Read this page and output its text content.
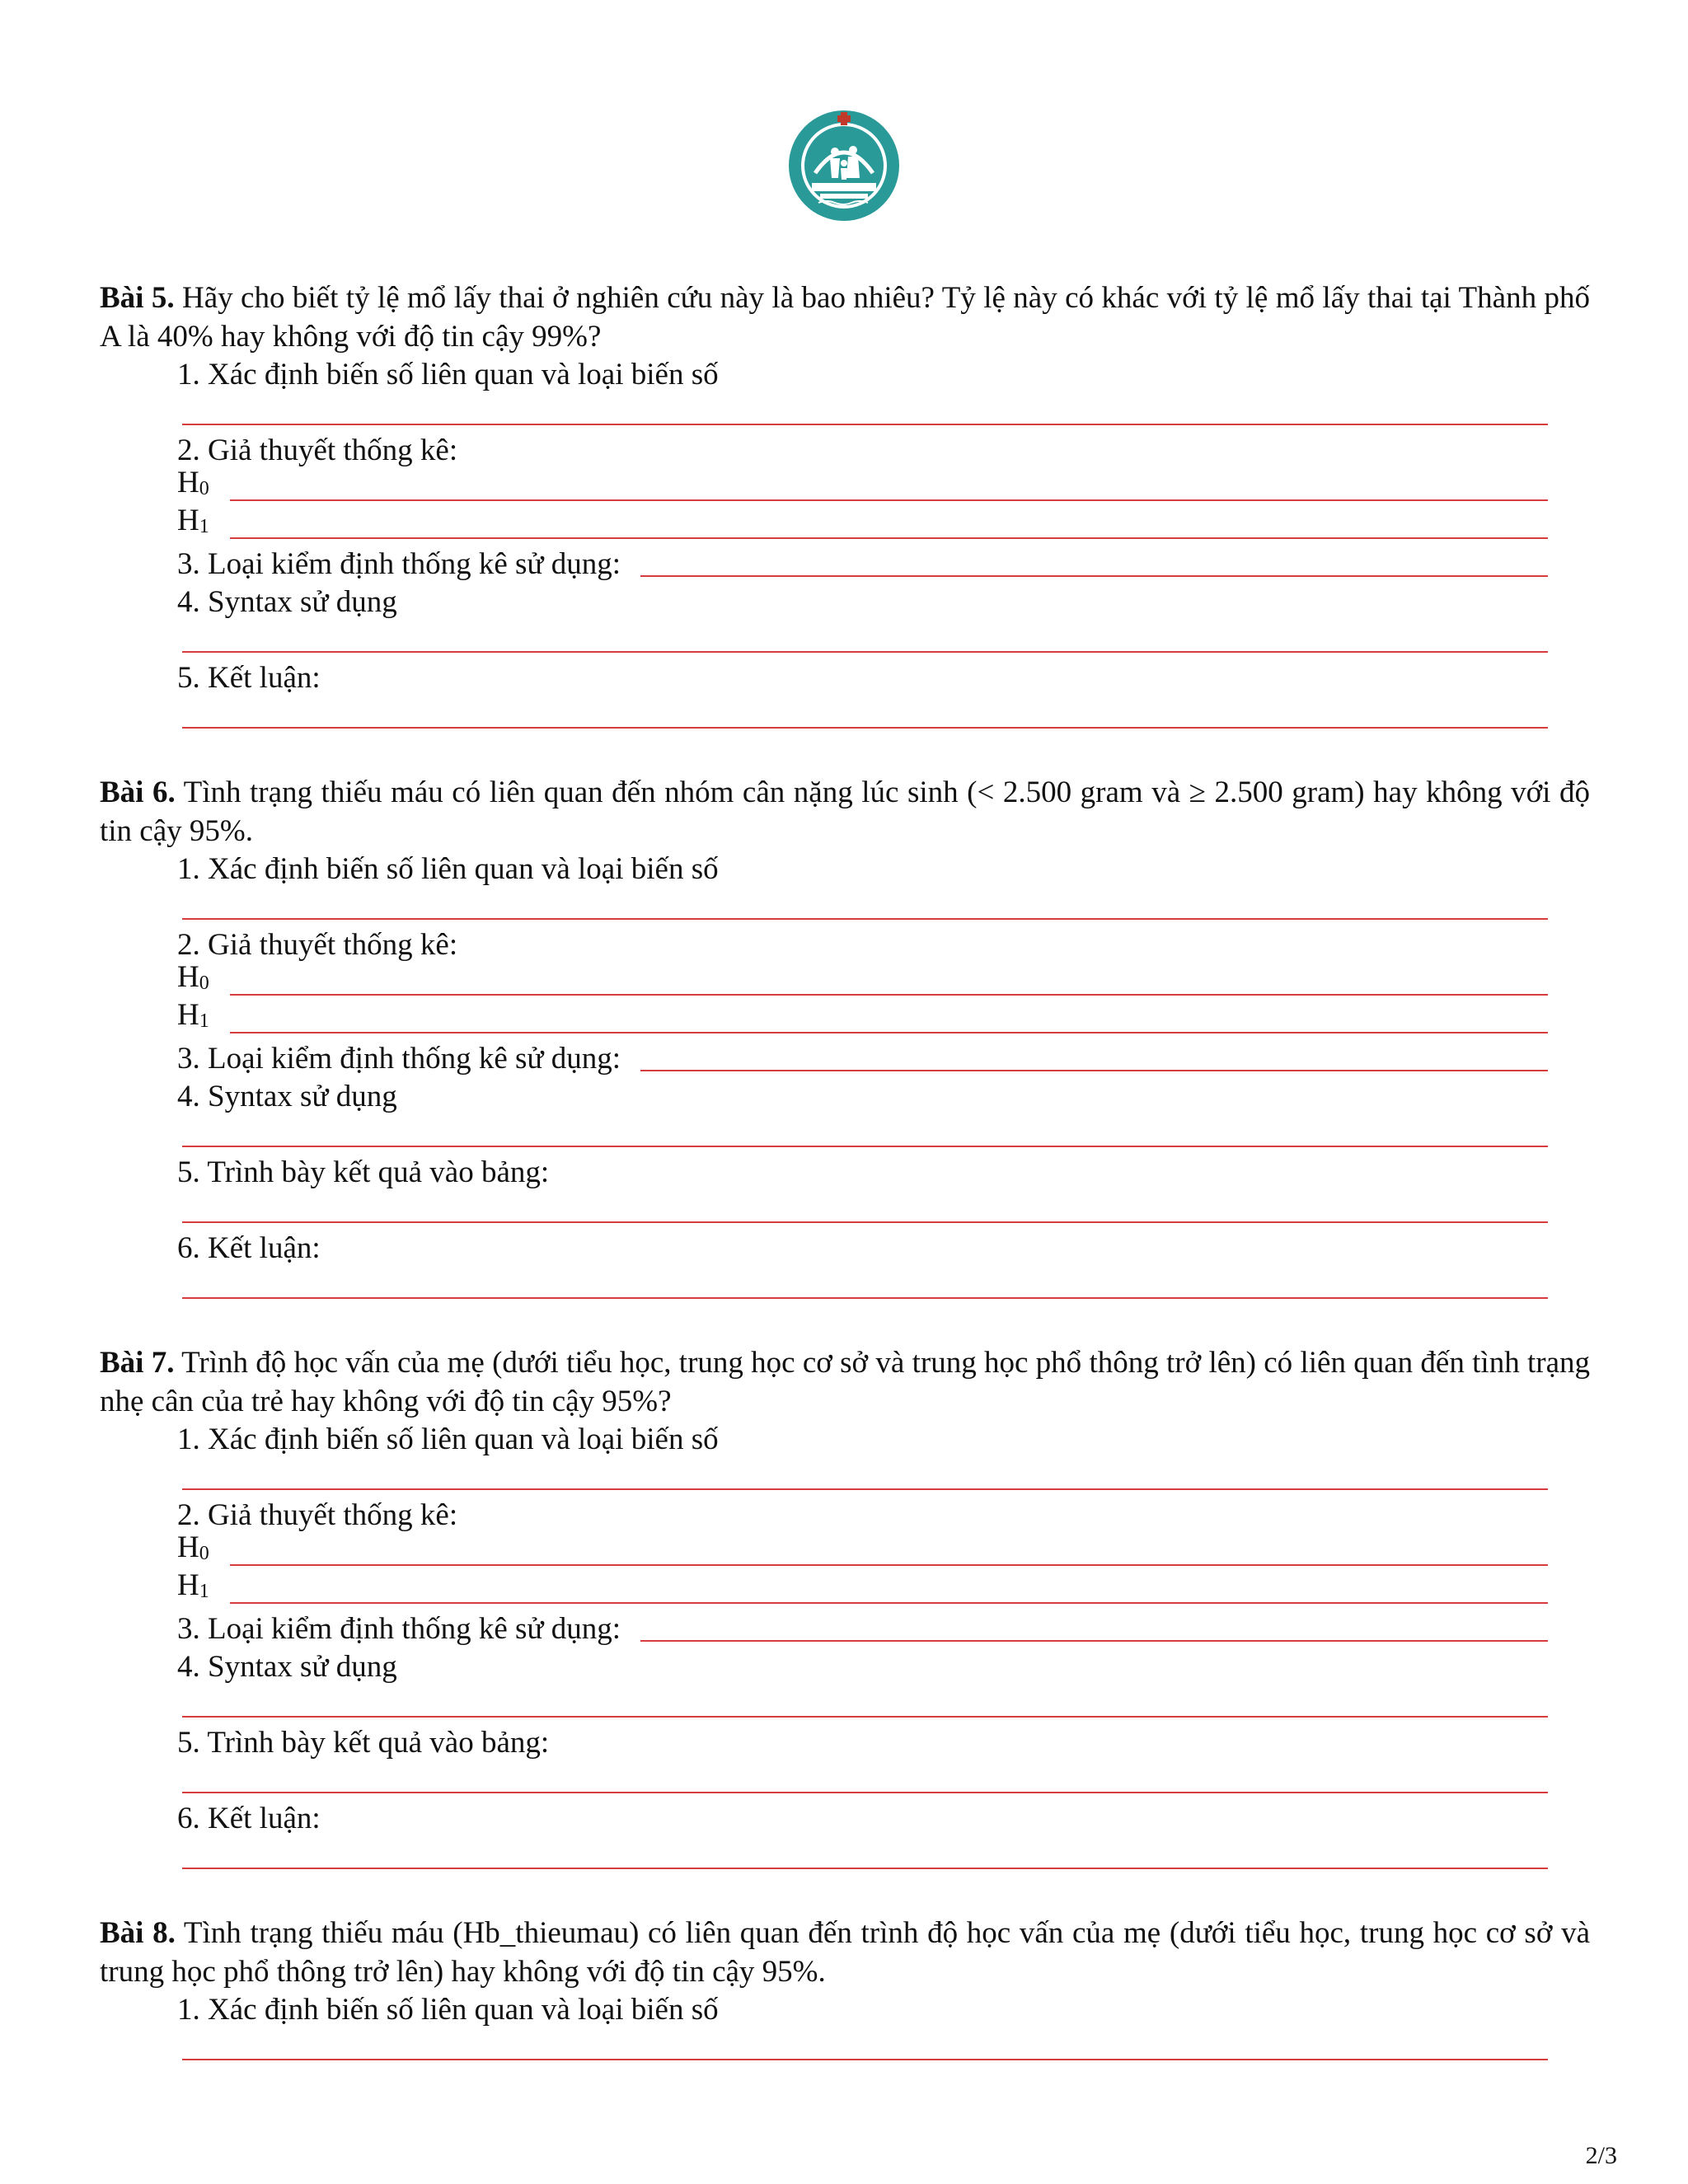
Bài 5. Hãy cho biết tỷ lệ mổ lấy thai ở nghiên cứu này là bao nhiêu? Tỷ lệ này có khác với tỷ lệ mổ lấy thai tại Thành phố A là 40% hay không với độ tin cậy 99%?

1. Xác định biến số liên quan và loại biến số
2. Giả thuyết thống kê:
$H_0$
$H_1$
3. Loại kiểm định thống kê sử dụng:
4. Syntax sử dụng
5. Kết luận:

Bài 6. Tình trạng thiếu máu có liên quan đến nhóm cân nặng lúc sinh (< 2.500 gram và ≥ 2.500 gram) hay không với độ tin cậy 95%.

1. Xác định biến số liên quan và loại biến số
2. Giả thuyết thống kê:
$H_0$
$H_1$
3. Loại kiểm định thống kê sử dụng:
4. Syntax sử dụng
5. Trình bày kết quả vào bảng:
6. Kết luận:

Bài 7. Trình độ học vấn của mẹ (dưới tiểu học, trung học cơ sở và trung học phổ thông trở lên) có liên quan đến tình trạng nhẹ cân của trẻ hay không với độ tin cậy 95%?

1. Xác định biến số liên quan và loại biến số
2. Giả thuyết thống kê:
$H_0$
$H_1$
3. Loại kiểm định thống kê sử dụng:
4. Syntax sử dụng
5. Trình bày kết quả vào bảng:
6. Kết luận:

Bài 8. Tình trạng thiếu máu (Hb_thieumau) có liên quan đến trình độ học vấn của mẹ (dưới tiểu học, trung học cơ sở và trung học phổ thông trở lên) hay không với độ tin cậy 95%.

1. Xác định biến số liên quan và loại biến số
2/3
